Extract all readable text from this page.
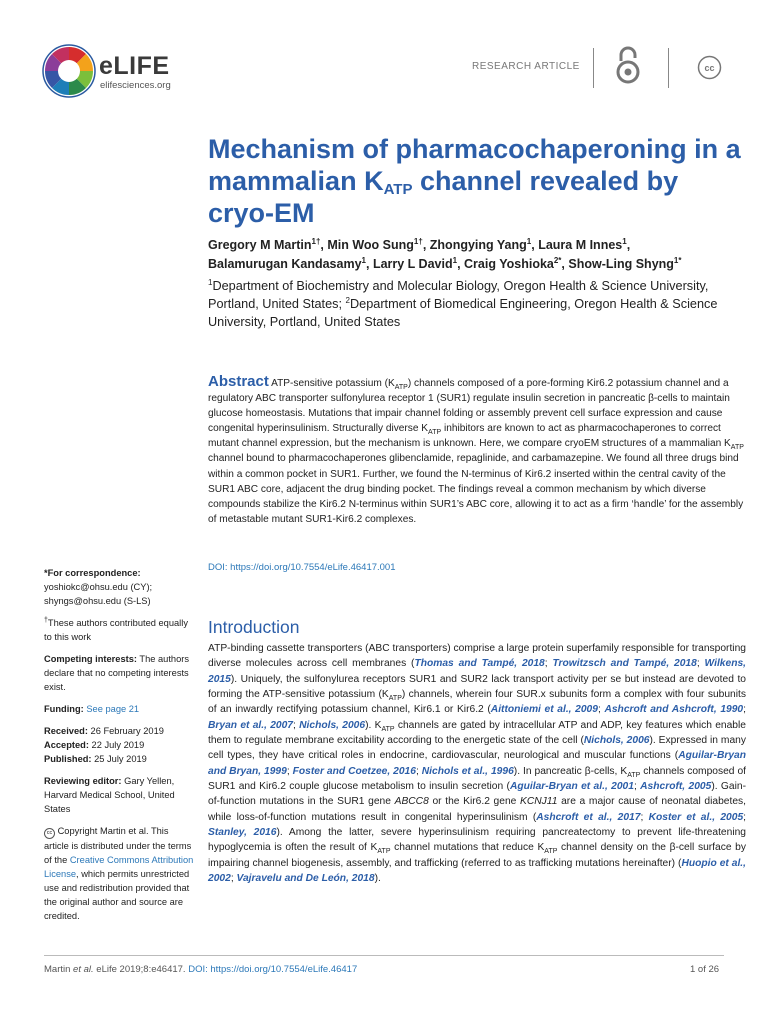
eLIFE
elifesciences.org
RESEARCH ARTICLE	cc
Mechanism of pharmacochaperoning in a mammalian $K_{ATP}$ channel revealed by cryo-EM
Gregory M Martin$^{1\dagger}$, Min Woo Sung$^{1\dagger}$, Zhongying Yang$^1$, Laura M Innes$^1$,
Balamurugan Kandasamy$^1$, Larry L David$^1$, Craig Yoshioka$^{2*}$, Show-Ling Shyng$^{1*}$
$^1$Department of Biochemistry and Molecular Biology, Oregon Health & Science University, Portland, United States; $^2$Department of Biomedical Engineering, Oregon Health & Science University, Portland, United States

Abstract ATP-sensitive potassium $(K_{ATP})$ channels composed of a pore-forming Kir6.2 potassium channel and a regulatory ABC transporter sulfonylurea receptor 1 (SUR1) regulate insulin secretion in pancreatic β-cells to maintain glucose homeostasis. Mutations that impair channel folding or assembly prevent cell surface expression and cause congenital hyperinsulinism. Structurally diverse $K_{ATP}$ inhibitors are known to act as pharmacochaperones to correct mutant channel expression, but the mechanism is unknown. Here, we compare cryoEM structures of a mammalian $K_{ATP}$ channel bound to pharmacochaperones glibenclamide, repaglinide, and carbamazepine. We found all three drugs bind within a common pocket in SUR1. Further, we found the N-terminus of Kir6.2 inserted within the central cavity of the SUR1 ABC core, adjacent the drug binding pocket. The findings reveal a common mechanism by which diverse compounds stabilize the Kir6.2 N-terminus within SUR1’s ABC core, allowing it to act as a firm ‘handle’ for the assembly of metastable mutant SUR1-Kir6.2 complexes.

DOI: https://doi.org/10.7554/eLife.46417.001

*For correspondence:
yoshiokc@ohsu.edu (CY); shyngs@ohsu.edu (S-LS)

†These authors contributed equally to this work

Competing interests: The authors declare that no competing interests exist.

Funding: See page 21

Received: 26 February 2019
Accepted: 22 July 2019
Published: 25 July 2019

Reviewing editor: Gary Yellen, Harvard Medical School, United States

cc Copyright Martin et al. This article is distributed under the terms of the Creative Commons Attribution License, which permits unrestricted use and redistribution provided that the original author and source are credited.

Introduction

ATP-binding cassette transporters (ABC transporters) comprise a large protein superfamily responsible for transporting diverse molecules across cell membranes (Thomas and Tampé, 2018; Trowitzsch and Tampé, 2018; Wilkens, 2015). Uniquely, the sulfonylurea receptors SUR1 and SUR2 lack transport activity per se but instead are devoted to forming the ATP-sensitive potassium $(K_{ATP})$ channels, wherein four SUR.x subunits form a complex with four subunits of an inwardly rectifying potassium channel, Kir6.1 or Kir6.2 (Aittoniemi et al., 2009; Ashcroft and Ashcroft, 1990; Bryan et al., 2007; Nichols, 2006). $K_{ATP}$ channels are gated by intracellular ATP and ADP, key features which enable them to regulate membrane excitability according to the energetic state of the cell (Nichols, 2006). Expressed in many cell types, they have critical roles in endocrine, cardiovascular, neurological and muscular functions (Aguilar-Bryan and Bryan, 1999; Foster and Coetzee, 2016; Nichols et al., 1996). In pancreatic β-cells, $K_{ATP}$ channels composed of SUR1 and Kir6.2 couple glucose metabolism to insulin secretion (Aguilar-Bryan et al., 2001; Ashcroft, 2005). Gain-of-function mutations in the SUR1 gene ABCC8 or the Kir6.2 gene KCNJ11 are a major cause of neonatal diabetes, while loss-of-function mutations result in congenital hyperinsulinism (Ashcroft et al., 2017; Koster et al., 2005; Stanley, 2016). Among the latter, severe hyperinsulinism requiring pancreatectomy to prevent life-threatening hypoglycemia is often the result of $K_{ATP}$ channel mutations that reduce $K_{ATP}$ channel density on the β-cell surface by impairing channel biogenesis, assembly, and trafficking (referred to as trafficking mutations hereinafter) (Huopio et al., 2002; Vajravelu and De León, 2018).

Martin et al. eLife 2019;8:e46417. DOI: https://doi.org/10.7554/eLife.46417	1 of 26
